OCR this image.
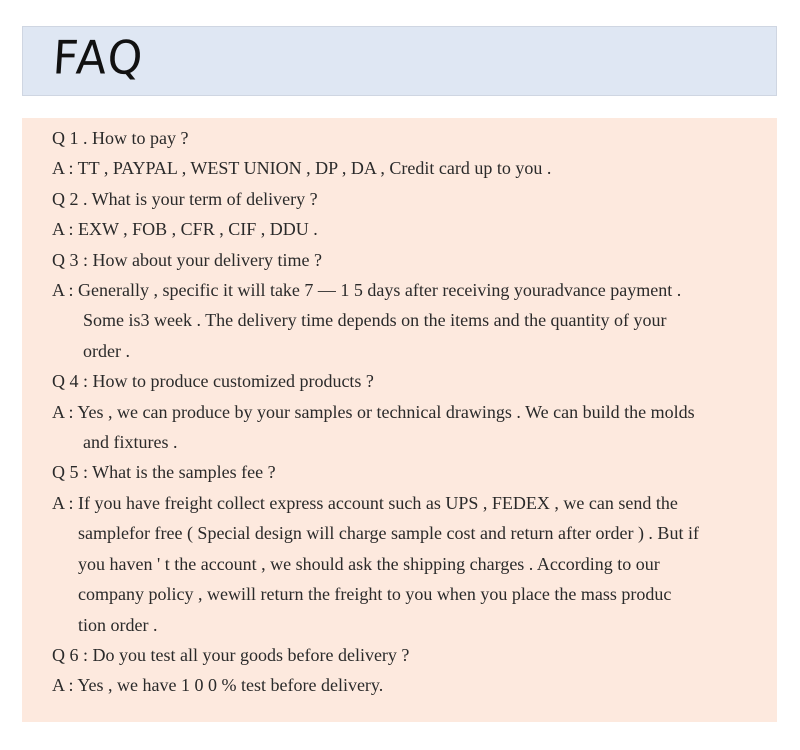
FAQ
Q 1 . How to pay ?
A : TT , PAYPAL , WEST UNION , DP , DA , Credit card up to you .
Q 2 . What is your term of delivery ?
A : EXW , FOB , CFR , CIF , DDU .
Q 3 : How about your delivery time ?
A : Generally , specific it will take 7 — 1 5 days after receiving youradvance payment .
Some is3 week . The delivery time depends on the items and the quantity of your
order .
Q 4 : How to produce customized products ?
A : Yes , we can produce by your samples or technical drawings . We can build the molds
and fixtures .
Q 5 : What is the samples fee ?
A : If you have freight collect express account such as UPS , FEDEX , we can send the
samplefor free ( Special design will charge sample cost and return after order ) . But if
you haven ' t the account , we should ask the shipping charges . According to our
company policy , wewill return the freight to you when you place the mass produc
tion order .
Q 6 : Do you test all your goods before delivery ?
A : Yes , we have 1 0 0 % test before delivery.
